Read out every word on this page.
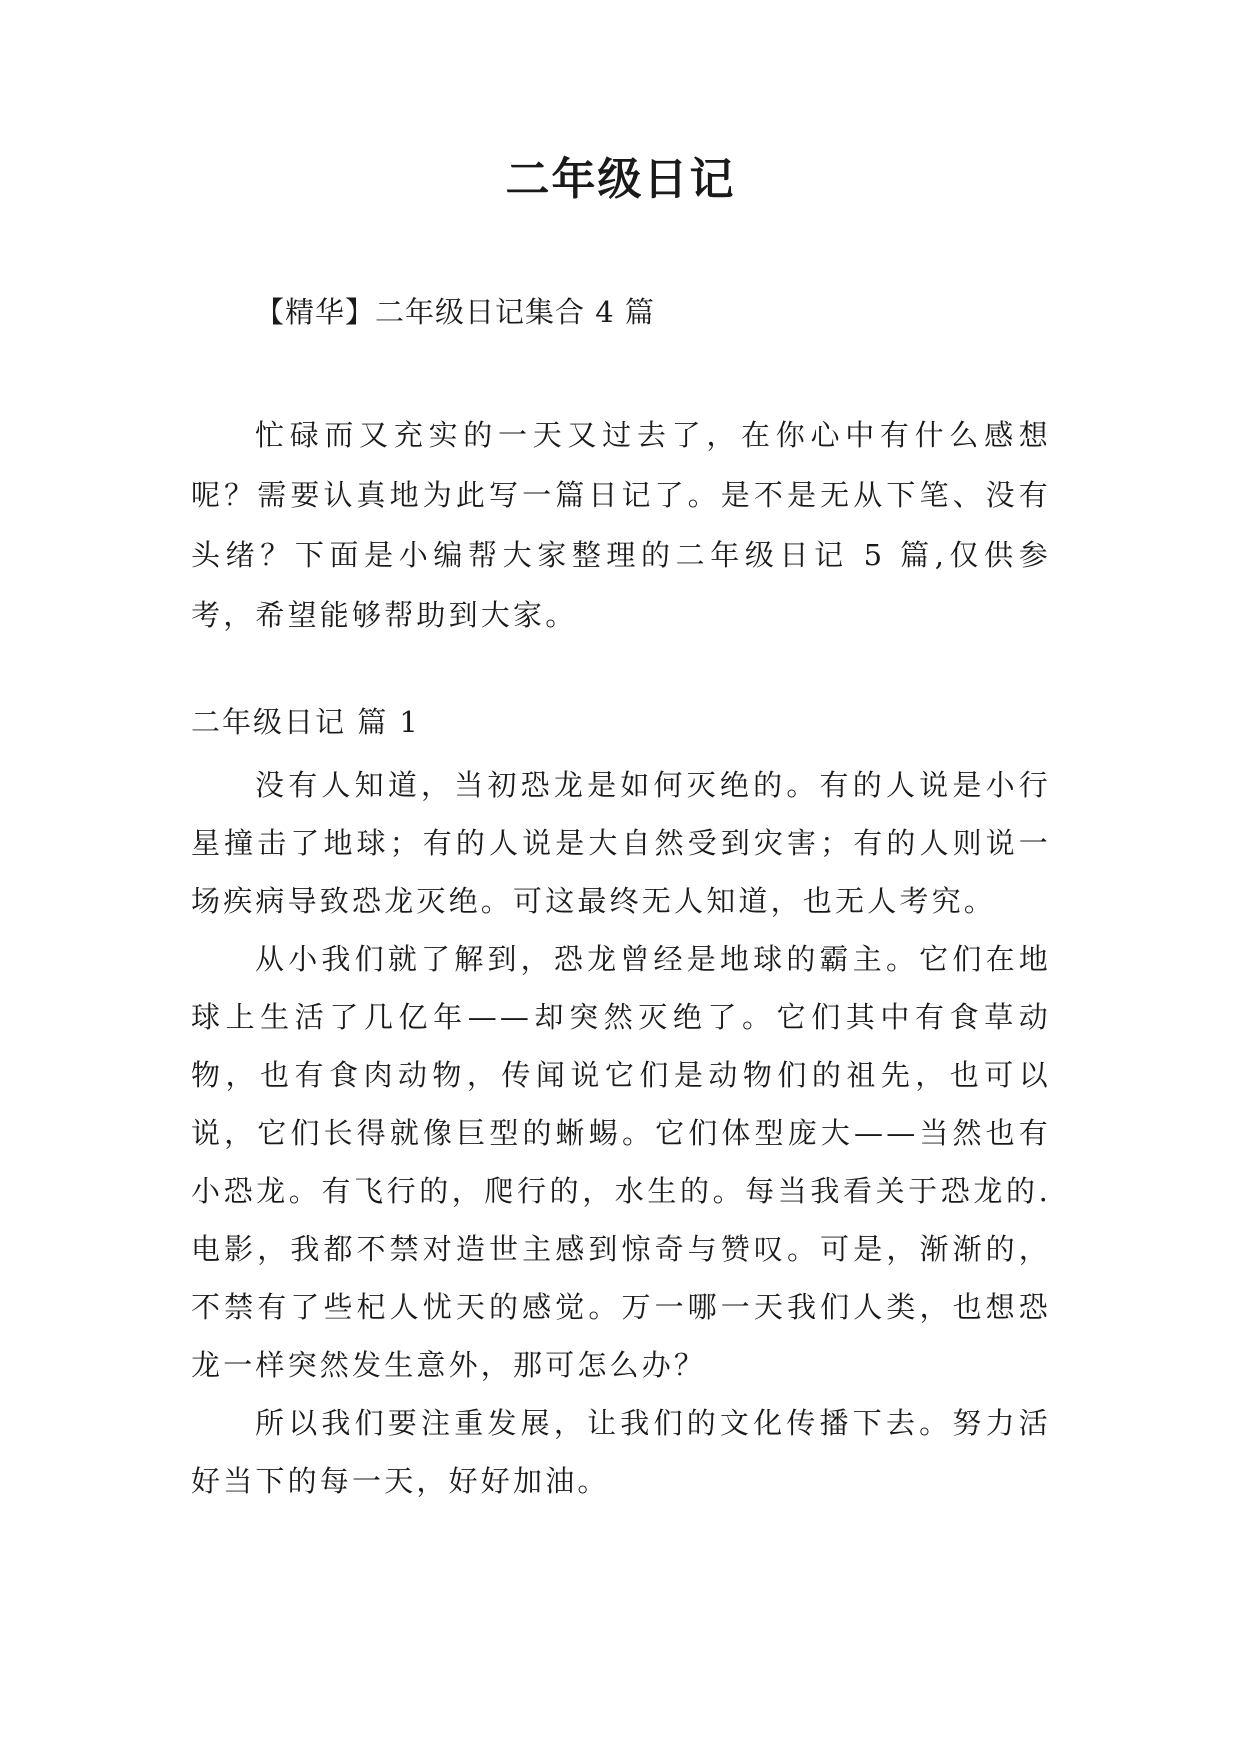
二年级日记
【精华】二年级日记集合 4 篇

忙碌而又充实的一天又过去了，在你心中有什么感想呢？需要认真地为此写一篇日记了。是不是无从下笔、没有头绪？下面是小编帮大家整理的二年级日记 5 篇,仅供参考，希望能够帮助到大家。

二年级日记 篇 1

没有人知道，当初恐龙是如何灭绝的。有的人说是小行星撞击了地球；有的人说是大自然受到灾害；有的人则说一场疾病导致恐龙灭绝。可这最终无人知道，也无人考究。

从小我们就了解到，恐龙曾经是地球的霸主。它们在地球上生活了几亿年——却突然灭绝了。它们其中有食草动物，也有食肉动物，传闻说它们是动物们的祖先，也可以说，它们长得就像巨型的蜥蜴。它们体型庞大——当然也有小恐龙。有飞行的，爬行的，水生的。每当我看关于恐龙的.电影，我都不禁对造世主感到惊奇与赞叹。可是，渐渐的，不禁有了些杞人忧天的感觉。万一哪一天我们人类，也想恐龙一样突然发生意外，那可怎么办？

所以我们要注重发展，让我们的文化传播下去。努力活好当下的每一天，好好加油。
